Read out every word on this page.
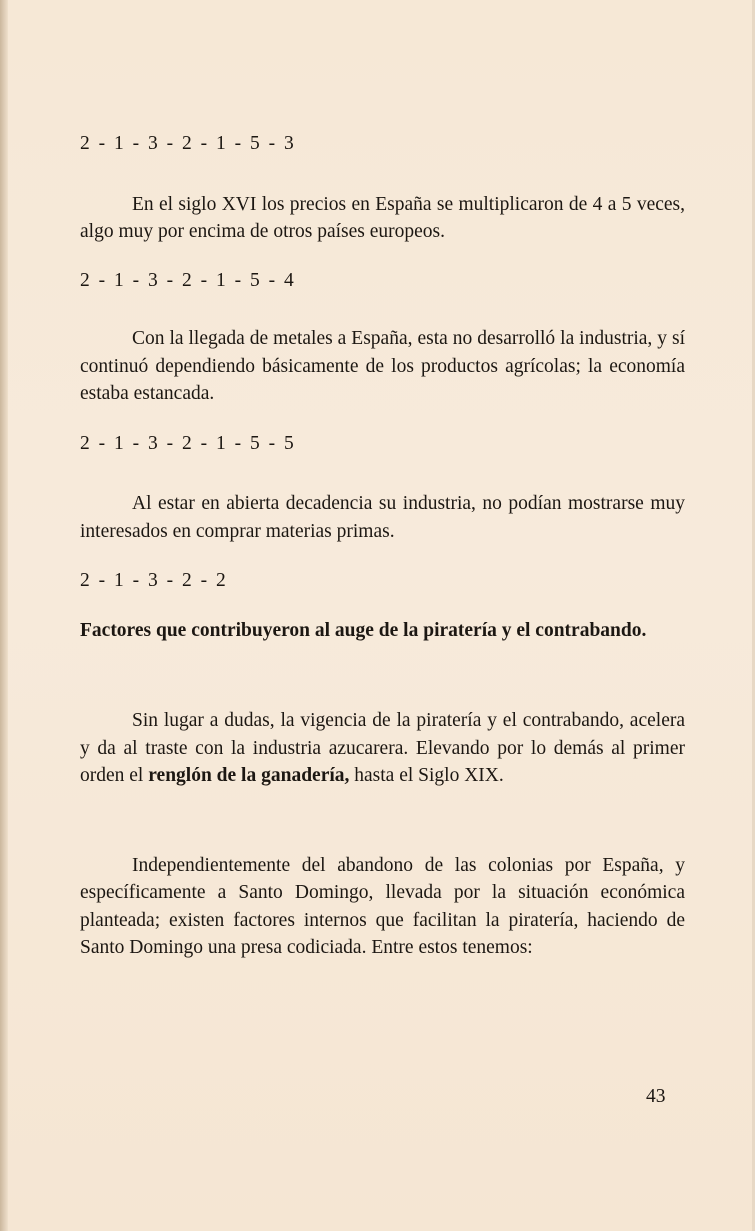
2 - 1 - 3 - 2 - 1 - 5 - 3

En el siglo XVI los precios en España se multiplicaron de 4 a 5 veces, algo muy por encima de otros países europeos.

2 - 1 - 3 - 2 - 1 - 5 - 4

Con la llegada de metales a España, esta no desarrolló la industria, y sí continuó dependiendo básicamente de los productos agrícolas; la economía estaba estancada.

2 - 1 - 3 - 2 - 1 - 5 - 5

Al estar en abierta decadencia su industria, no podían mostrarse muy interesados en comprar materias primas.

2 - 1 - 3 - 2 - 2

Factores que contribuyeron al auge de la piratería y el contrabando.

Sin lugar a dudas, la vigencia de la piratería y el contrabando, acelera y da al traste con la industria azucarera. Elevando por lo demás al primer orden el renglón de la ganadería, hasta el Siglo XIX.

Independientemente del abandono de las colonias por España, y específicamente a Santo Domingo, llevada por la situación económica planteada; existen factores internos que facilitan la piratería, haciendo de Santo Domingo una presa codiciada. Entre estos tenemos:

43
